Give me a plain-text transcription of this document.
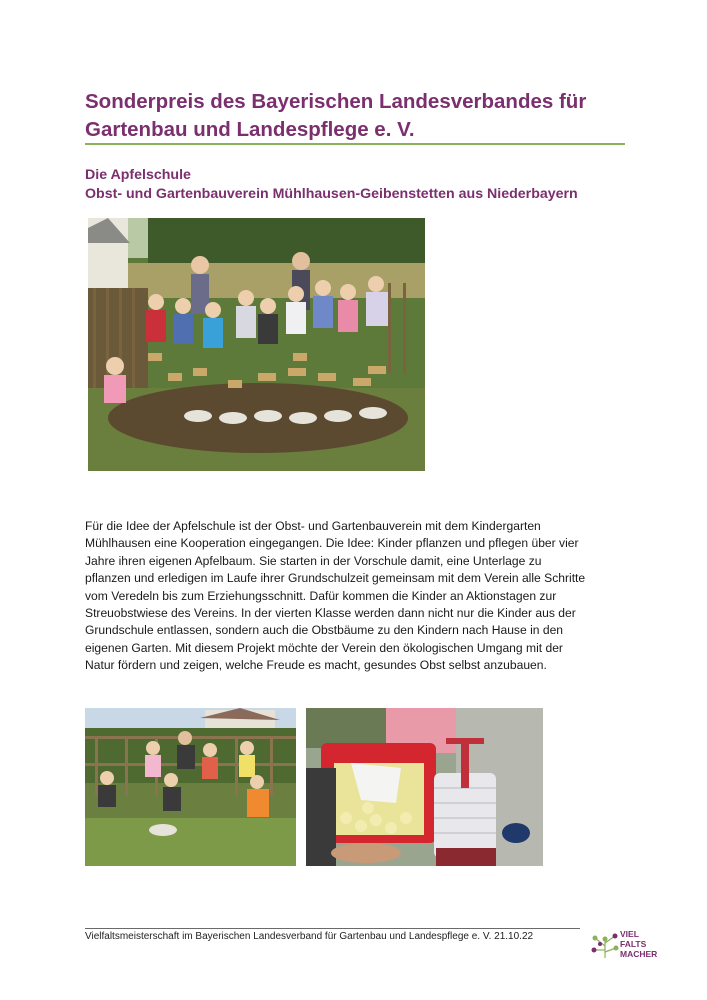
Sonderpreis des Bayerischen Landesverbandes für Gartenbau und Landespflege e. V.
Die Apfelschule
Obst- und Gartenbauverein Mühlhausen-Geibenstetten aus Niederbayern

Für die Idee der Apfelschule ist der Obst- und Gartenbauverein mit dem Kindergarten
Mühlhausen eine Kooperation eingegangen. Die Idee: Kinder pflanzen und pflegen über vier
Jahre ihren eigenen Apfelbaum. Sie starten in der Vorschule damit, eine Unterlage zu
pflanzen und erledigen im Laufe ihrer Grundschulzeit gemeinsam mit dem Verein alle Schritte
vom Veredeln bis zum Erziehungsschnitt. Dafür kommen die Kinder an Aktionstagen zur
Streuobstwiese des Vereins. In der vierten Klasse werden dann nicht nur die Kinder aus der
Grundschule entlassen, sondern auch die Obstbäume zu den Kindern nach Hause in den
eigenen Garten. Mit diesem Projekt möchte der Verein den ökologischen Umgang mit der
Natur fördern und zeigen, welche Freude es macht, gesundes Obst selbst anzubauen.

Vielfaltsmeisterschaft im Bayerischen Landesverband für Gartenbau und Landespflege e. V. 21.10.22	VIEL
FALTS
MACHER
